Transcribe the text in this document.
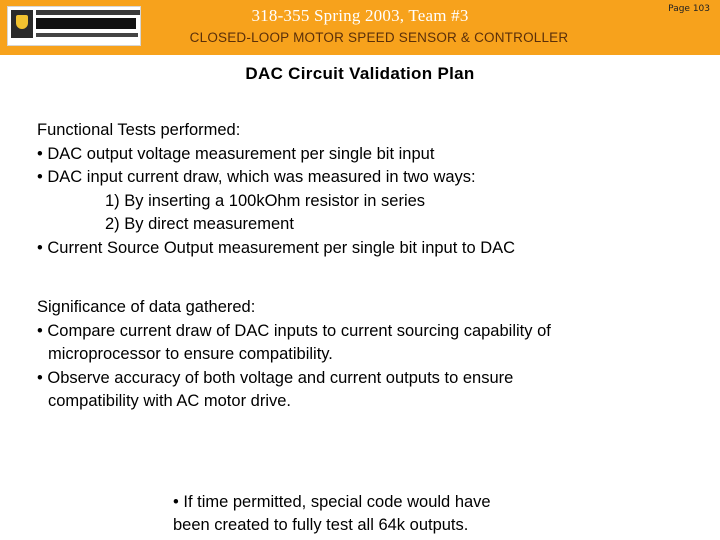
318-355 Spring 2003, Team #3
CLOSED-LOOP MOTOR SPEED SENSOR & CONTROLLER
Page 103
DAC Circuit Validation Plan
Functional Tests performed:
• DAC output voltage measurement per single bit input
• DAC input current draw, which was measured in two ways:
1) By inserting a 100kOhm resistor in series
2) By direct measurement
• Current Source Output measurement per single bit input to DAC
Significance of data gathered:
• Compare current draw of DAC inputs to current sourcing capability of
microprocessor to ensure compatibility.
• Observe accuracy of both voltage and current outputs to ensure
compatibility with AC motor drive.
• If time permitted, special code would have
been created to fully test all 64k outputs.
